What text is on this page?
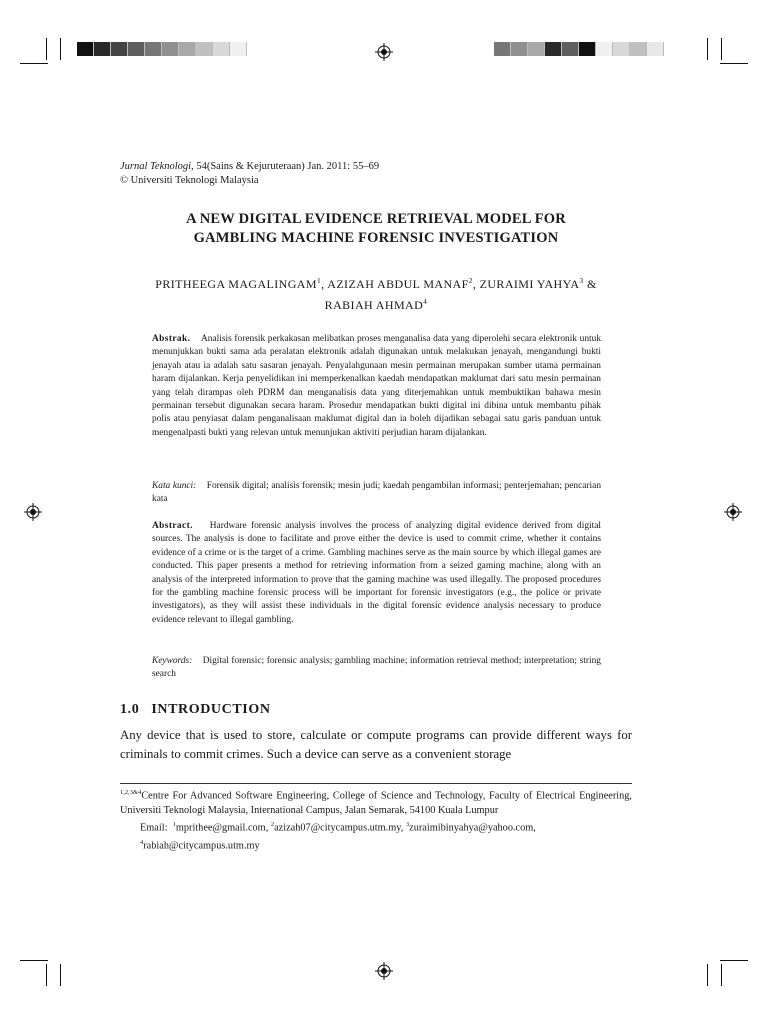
Jurnal Teknologi, 54(Sains & Kejuruteraan) Jan. 2011: 55–69
© Universiti Teknologi Malaysia
A NEW DIGITAL EVIDENCE RETRIEVAL MODEL FOR
GAMBLING MACHINE FORENSIC INVESTIGATION
PRITHEEGA MAGALINGAM$^1$, AZIZAH ABDUL MANAF$^2$, ZURAIMI YAHYA$^3$ &
RABIAH AHMAD$^4$
Abstrak. Analisis forensik perkakasan melibatkan proses menganalisa data yang diperolehi secara elektronik untuk menunjukkan bukti sama ada peralatan elektronik adalah digunakan untuk melakukan jenayah, mengandungi bukti jenayah atau ia adalah satu sasaran jenayah. Penyalahgunaan mesin permainan merupakan sumber utama permainan haram dijalankan. Kerja penyelidikan ini memperkenalkan kaedah mendapatkan maklumat dari satu mesin permainan yang telah dirampas oleh PDRM dan menganalisis data yang diterjemahkan untuk membuktikan bahawa mesin permainan tersebut digunakan secara haram. Prosedur mendapatkan bukti digital ini dibina untuk membantu pihak polis atau penyiasat dalam penganalisaan maklumat digital dan ia boleh dijadikan sebagai satu garis panduan untuk mengenalpasti bukti yang relevan untuk menunjukan aktiviti perjudian haram dijalankan.
Kata kunci: Forensik digital; analisis forensik; mesin judi; kaedah pengambilan informasi; penterjemahan; pencarian kata
Abstract. Hardware forensic analysis involves the process of analyzing digital evidence derived from digital sources. The analysis is done to facilitate and prove either the device is used to commit crime, whether it contains evidence of a crime or is the target of a crime. Gambling machines serve as the main source by which illegal games are conducted. This paper presents a method for retrieving information from a seized gaming machine, along with an analysis of the interpreted information to prove that the gaming machine was used illegally. The proposed procedures for the gambling machine forensic process will be important for forensic investigators (e.g., the police or private investigators), as they will assist these individuals in the digital forensic evidence analysis necessary to produce evidence relevant to illegal gambling.
Keywords: Digital forensic; forensic analysis; gambling machine; information retrieval method; interpretation; string search
1.0 INTRODUCTION
Any device that is used to store, calculate or compute programs can provide different ways for criminals to commit crimes. Such a device can serve as a convenient storage
$^{1,2,3\&4}$Centre For Advanced Software Engineering, College of Science and Technology, Faculty of Electrical Engineering, Universiti Teknologi Malaysia, International Campus, Jalan Semarak, 54100 Kuala Lumpur
Email: $^1$mprithee@gmail.com, $^2$azizah07@citycampus.utm.my, $^3$zuraimibinyahya@yahoo.com,
$^4$rabiah@citycampus.utm.my
